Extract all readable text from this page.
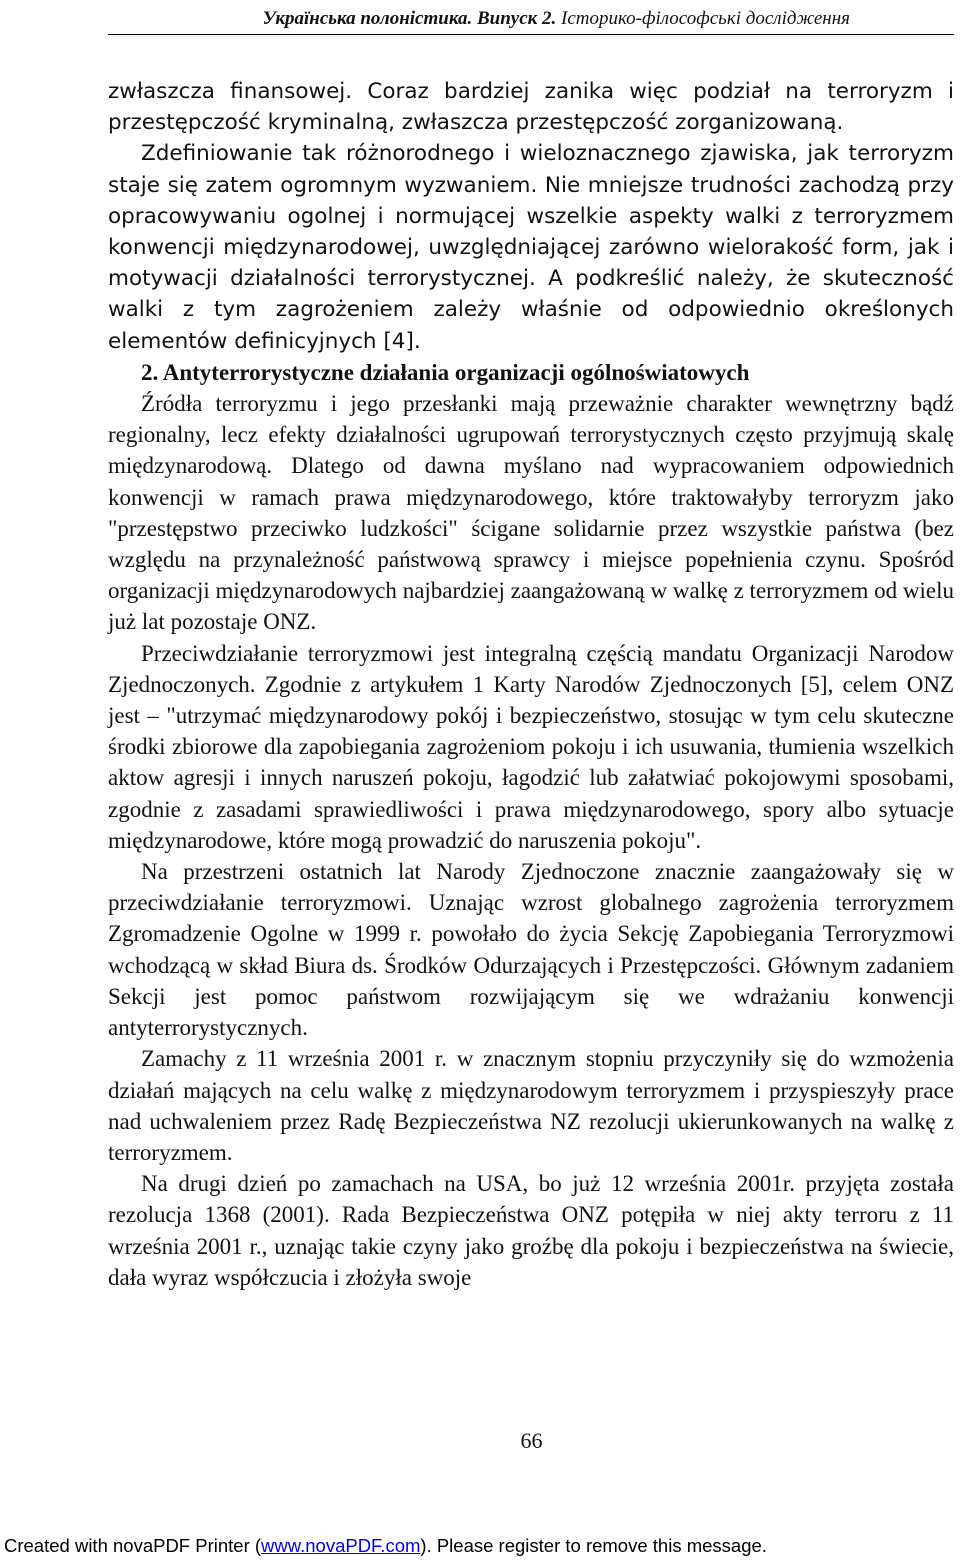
Українська полоністика. Випуск 2. Історико-філософські дослідження

zwłaszcza finansowej. Coraz bardziej zanika więc podział na terroryzm i przestępczość kryminalną, zwłaszcza przestępczość zorganizowaną.

Zdefiniowanie tak różnorodnego i wieloznacznego zjawiska, jak terroryzm staje się zatem ogromnym wyzwaniem. Nie mniejsze trudności zachodzą przy opracowywaniu ogolnej i normującej wszelkie aspekty walki z terroryzmem konwencji międzynarodowej, uwzględniającej zarówno wielorakość form, jak i motywacji działalności terrorystycznej. A podkreślić należy, że skuteczność walki z tym zagrożeniem zależy właśnie od odpowiednio określonych elementów definicyjnych [4].

2. Antyterrorystyczne działania organizacji ogólnoświatowych

Źródła terroryzmu i jego przesłanki mają przeważnie charakter wewnętrzny bądź regionalny, lecz efekty działalności ugrupowań terrorystycznych często przyjmują skalę międzynarodową. Dlatego od dawna myślano nad wypracowaniem odpowiednich konwencji w ramach prawa międzynarodowego, które traktowałyby terroryzm jako "przestępstwo przeciwko ludzkości" ścigane solidarnie przez wszystkie państwa (bez względu na przynależność państwową sprawcy i miejsce popełnienia czynu. Spośród organizacji międzynarodowych najbardziej zaangażowaną w walkę z terroryzmem od wielu już lat pozostaje ONZ.

Przeciwdziałanie terroryzmowi jest integralną częścią mandatu Organizacji Narodow Zjednoczonych. Zgodnie z artykułem 1 Karty Narodów Zjednoczonych [5], celem ONZ jest – "utrzymać międzynarodowy pokój i bezpieczeństwo, stosując w tym celu skuteczne środki zbiorowe dla zapobiegania zagrożeniom pokoju i ich usuwania, tłumienia wszelkich aktow agresji i innych naruszeń pokoju, łagodzić lub załatwiać pokojowymi sposobami, zgodnie z zasadami sprawiedliwości i prawa międzynarodowego, spory albo sytuacje międzynarodowe, które mogą prowadzić do naruszenia pokoju".

Na przestrzeni ostatnich lat Narody Zjednoczone znacznie zaangażowały się w przeciwdziałanie terroryzmowi. Uznając wzrost globalnego zagrożenia terroryzmem Zgromadzenie Ogolne w 1999 r. powołało do życia Sekcję Zapobiegania Terroryzmowi wchodzącą w skład Biura ds. Środków Odurzających i Przestępczości. Głównym zadaniem Sekcji jest pomoc państwom rozwijającym się we wdrażaniu konwencji antyterrorystycznych.

Zamachy z 11 września 2001 r. w znacznym stopniu przyczyniły się do wzmożenia działań mających na celu walkę z międzynarodowym terroryzmem i przyspieszyły prace nad uchwaleniem przez Radę Bezpieczeństwa NZ rezolucji ukierunkowanych na walkę z terroryzmem.

Na drugi dzień po zamachach na USA, bo już 12 września 2001r. przyjęta została rezolucja 1368 (2001). Rada Bezpieczeństwa ONZ potępiła w niej akty terroru z 11 września 2001 r., uznając takie czyny jako groźbę dla pokoju i bezpieczeństwa na świecie, dała wyraz współczucia i złożyła swoje

66
Created with novaPDF Printer (www.novaPDF.com). Please register to remove this message.
